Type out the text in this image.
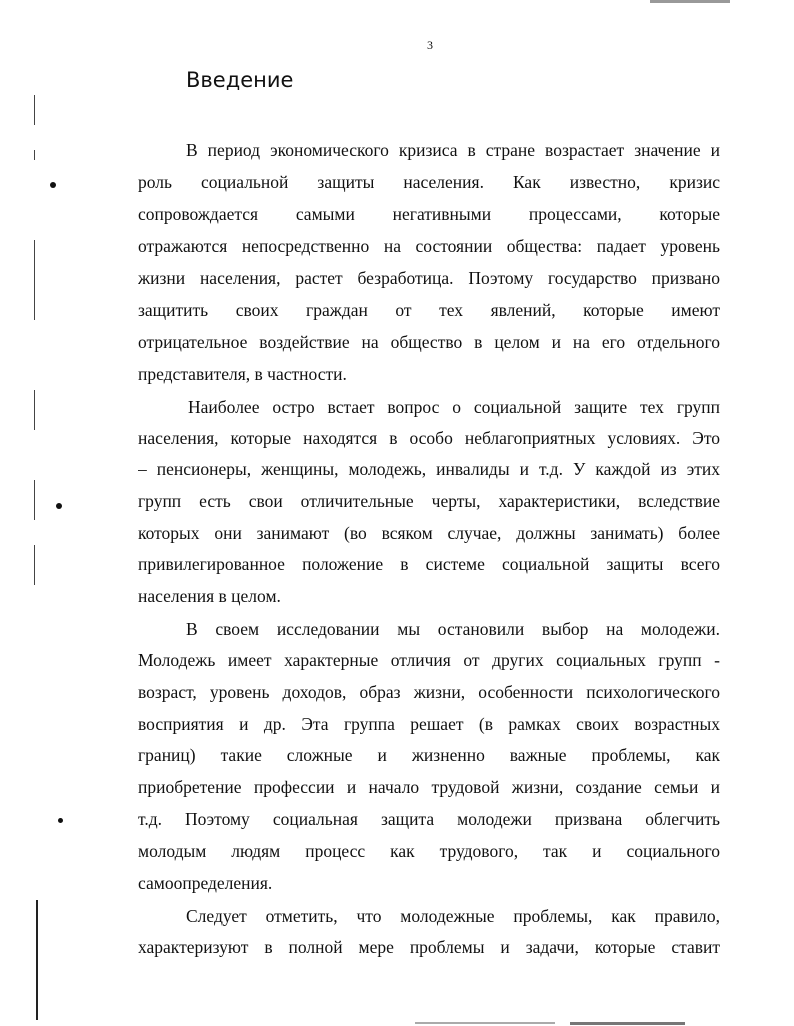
3
Введение
В период экономического кризиса в стране возрастает значение и
роль социальной защиты населения. Как известно, кризис
сопровождается самыми негативными процессами, которые
отражаются непосредственно на состоянии общества: падает уровень
жизни населения, растет безработица. Поэтому государство призвано
защитить своих граждан от тех явлений, которые имеют
отрицательное воздействие на общество в целом и на его отдельного
представителя, в частности.
Наиболее остро встает вопрос о социальной защите тех групп
населения, которые находятся в особо неблагоприятных условиях. Это
– пенсионеры, женщины, молодежь, инвалиды и т.д. У каждой из этих
групп есть свои отличительные черты, характеристики, вследствие
которых они занимают (во всяком случае, должны занимать) более
привилегированное положение в системе социальной защиты всего
населения в целом.
В своем исследовании мы остановили выбор на молодежи.
Молодежь имеет характерные отличия от других социальных групп -
возраст, уровень доходов, образ жизни, особенности психологического
восприятия и др. Эта группа решает (в рамках своих возрастных
границ) такие сложные и жизненно важные проблемы, как
приобретение профессии и начало трудовой жизни, создание семьи и
т.д. Поэтому социальная защита молодежи призвана облегчить
молодым людям процесс как трудового, так и социального
самоопределения.
Следует отметить, что молодежные проблемы, как правило,
характеризуют в полной мере проблемы и задачи, которые ставит
